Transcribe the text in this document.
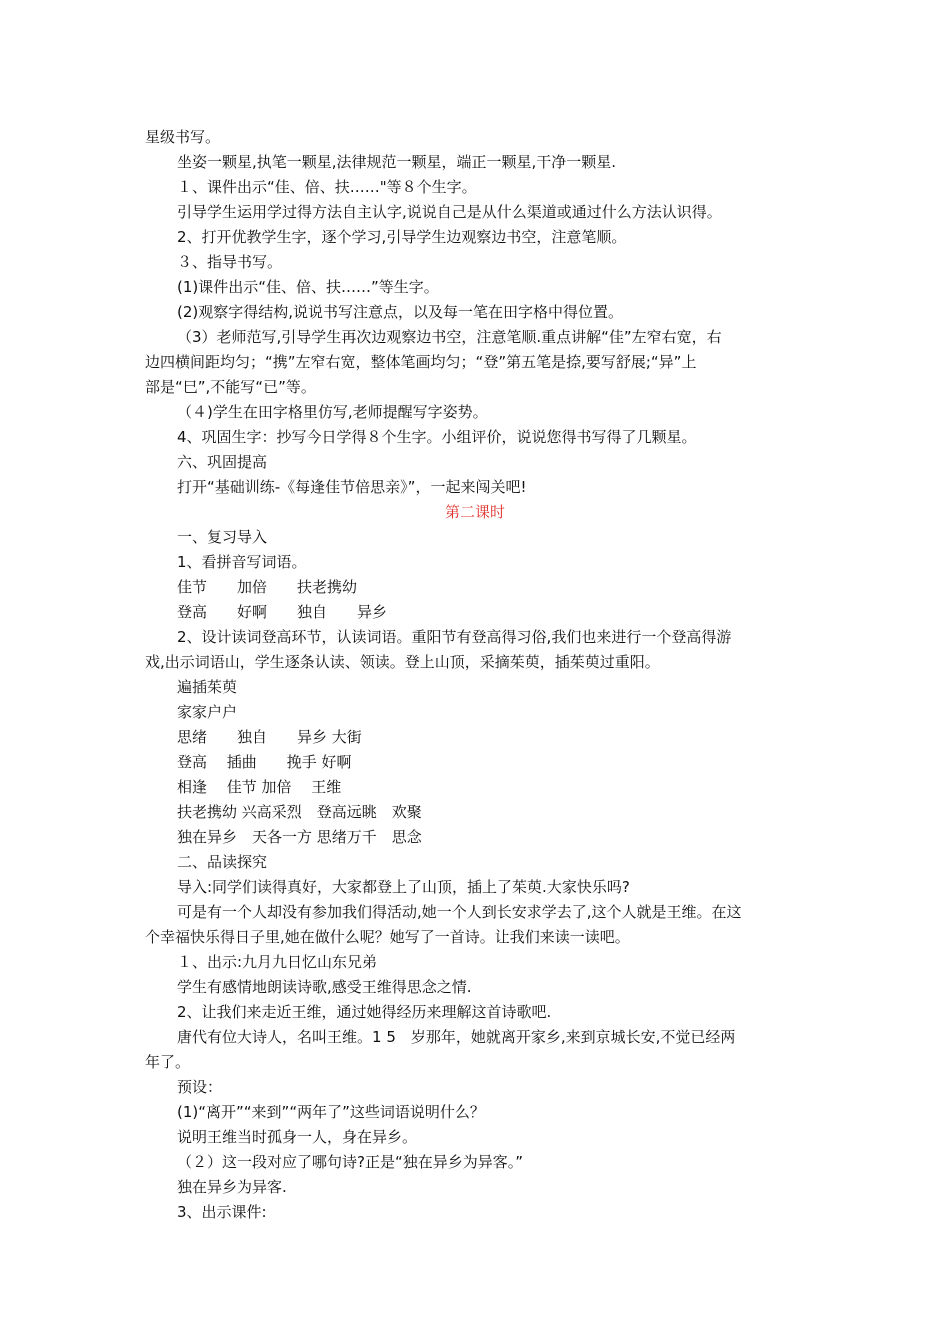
星级书写。
坐姿一颗星,执笔一颗星,法律规范一颗星，端正一颗星,干净一颗星.
１、课件出示“佳、倍、扶……"等８个生字。
引导学生运用学过得方法自主认字,说说自己是从什么渠道或通过什么方法认识得。
2、打开优教学生字，逐个学习,引导学生边观察边书空，注意笔顺。
３、指导书写。
(1)课件出示“佳、倍、扶……”等生字。
(2)观察字得结构,说说书写注意点，以及每一笔在田字格中得位置。
（3）老师范写,引导学生再次边观察边书空，注意笔顺.重点讲解“佳”左窄右宽，右
边四横间距均匀；“携”左窄右宽，整体笔画均匀；“登”第五笔是捺,要写舒展;“异”上
部是“巳”,不能写“已”等。
（４)学生在田字格里仿写,老师提醒写字姿势。
4、巩固生字：抄写今日学得８个生字。小组评价，说说您得书写得了几颗星。
六、巩固提高
打开“基础训练-《每逢佳节倍思亲》”，一起来闯关吧!
第二课时
一、复习导入
1、看拼音写词语。
佳节　　加倍　　扶老携幼
登高　　好啊　　独自　　异乡
2、设计读词登高环节，认读词语。重阳节有登高得习俗,我们也来进行一个登高得游
戏,出示词语山，学生逐条认读、领读。登上山顶，采摘茱萸，插茱萸过重阳。
遍插茱萸
家家户户
思绪　　独自　　异乡 大街
登高　 插曲　　挽手 好啊
相逢　 佳节 加倍　 王维
扶老携幼 兴高采烈　登高远眺　欢聚
独在异乡　天各一方 思绪万千　思念
二、品读探究
导入:同学们读得真好，大家都登上了山顶，插上了茱萸.大家快乐吗?
可是有一个人却没有参加我们得活动,她一个人到长安求学去了,这个人就是王维。在这
个幸福快乐得日子里,她在做什么呢？她写了一首诗。让我们来读一读吧。
１、出示:九月九日忆山东兄弟
学生有感情地朗读诗歌,感受王维得思念之情.
2、让我们来走近王维，通过她得经历来理解这首诗歌吧.
唐代有位大诗人，名叫王维。1 5　岁那年，她就离开家乡,来到京城长安,不觉已经两
年了。
预设：
(1)“离开”“来到”“两年了”这些词语说明什么？
说明王维当时孤身一人，身在异乡。
（２）这一段对应了哪句诗?正是“独在异乡为异客。”
独在异乡为异客.
3、出示课件:
